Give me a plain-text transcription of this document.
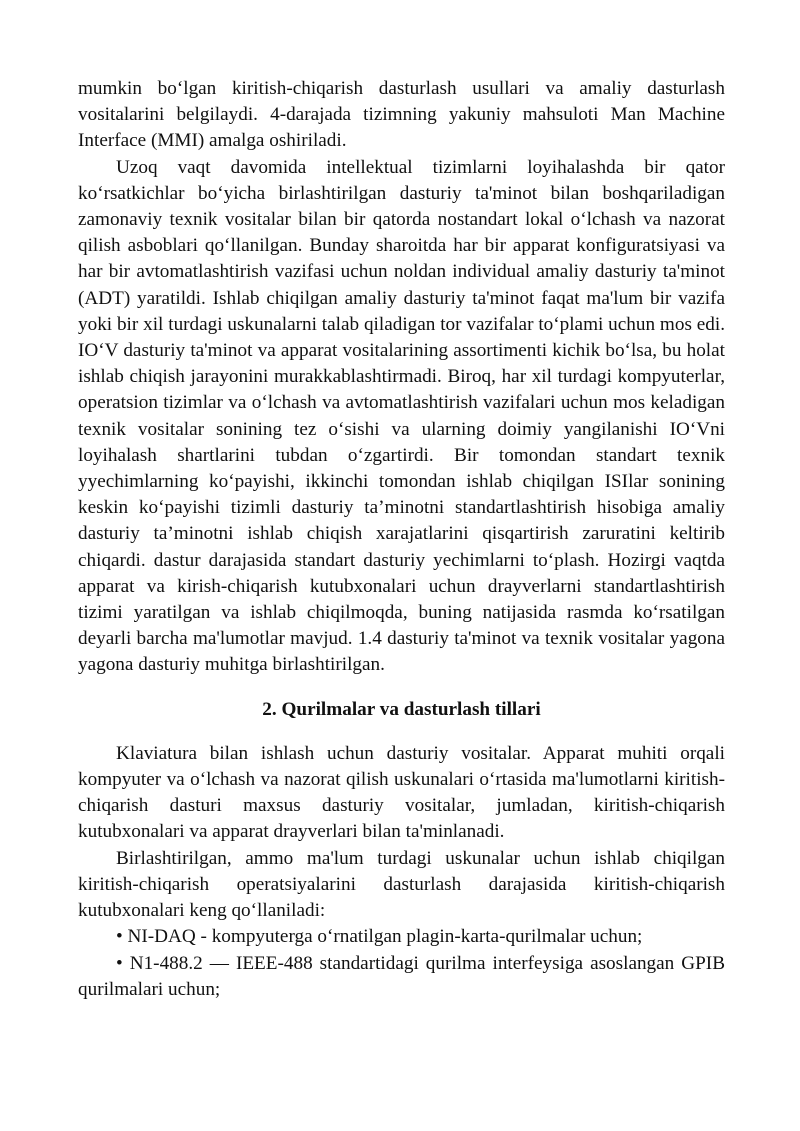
mumkin boʻlgan kiritish-chiqarish dasturlash usullari va amaliy dasturlash vositalarini belgilaydi. 4-darajada tizimning yakuniy mahsuloti Man Machine Interface (MMI) amalga oshiriladi.

Uzoq vaqt davomida intellektual tizimlarni loyihalashda bir qator koʻrsatkichlar boʻyicha birlashtirilgan dasturiy ta'minot bilan boshqariladigan zamonaviy texnik vositalar bilan bir qatorda nostandart lokal oʻlchash va nazorat qilish asboblari qoʻllanilgan. Bunday sharoitda har bir apparat konfiguratsiyasi va har bir avtomatlashtirish vazifasi uchun noldan individual amaliy dasturiy ta'minot (ADT) yaratildi. Ishlab chiqilgan amaliy dasturiy ta'minot faqat ma'lum bir vazifa yoki bir xil turdagi uskunalarni talab qiladigan tor vazifalar toʻplami uchun mos edi. IOʻV dasturiy ta'minot va apparat vositalarining assortimenti kichik boʻlsa, bu holat ishlab chiqish jarayonini murakkablashtirmadi. Biroq, har xil turdagi kompyuterlar, operatsion tizimlar va oʻlchash va avtomatlashtirish vazifalari uchun mos keladigan texnik vositalar sonining tez oʻsishi va ularning doimiy yangilanishi IOʻVni loyihalash shartlarini tubdan oʻzgartirdi. Bir tomondan standart texnik yyechimlarning koʻpayishi, ikkinchi tomondan ishlab chiqilgan ISIlar sonining keskin koʻpayishi tizimli dasturiy ta’minotni standartlashtirish hisobiga amaliy dasturiy ta’minotni ishlab chiqish xarajatlarini qisqartirish zaruratini keltirib chiqardi. dastur darajasida standart dasturiy yechimlarni toʻplash. Hozirgi vaqtda apparat va kirish-chiqarish kutubxonalari uchun drayverlarni standartlashtirish tizimi yaratilgan va ishlab chiqilmoqda, buning natijasida rasmda koʻrsatilgan deyarli barcha ma'lumotlar mavjud. 1.4 dasturiy ta'minot va texnik vositalar yagona yagona dasturiy muhitga birlashtirilgan.

2. Qurilmalar va dasturlash tillari

Klaviatura bilan ishlash uchun dasturiy vositalar. Apparat muhiti orqali kompyuter va oʻlchash va nazorat qilish uskunalari oʻrtasida ma'lumotlarni kiritish-chiqarish dasturi maxsus dasturiy vositalar, jumladan, kiritish-chiqarish kutubxonalari va apparat drayverlari bilan ta'minlanadi.

Birlashtirilgan, ammo ma'lum turdagi uskunalar uchun ishlab chiqilgan kiritish-chiqarish operatsiyalarini dasturlash darajasida kiritish-chiqarish kutubxonalari keng qoʻllaniladi:

• NI-DAQ - kompyuterga oʻrnatilgan plagin-karta-qurilmalar uchun;

• N1-488.2 — IEEE-488 standartidagi qurilma interfeysiga asoslangan GPIB qurilmalari uchun;
